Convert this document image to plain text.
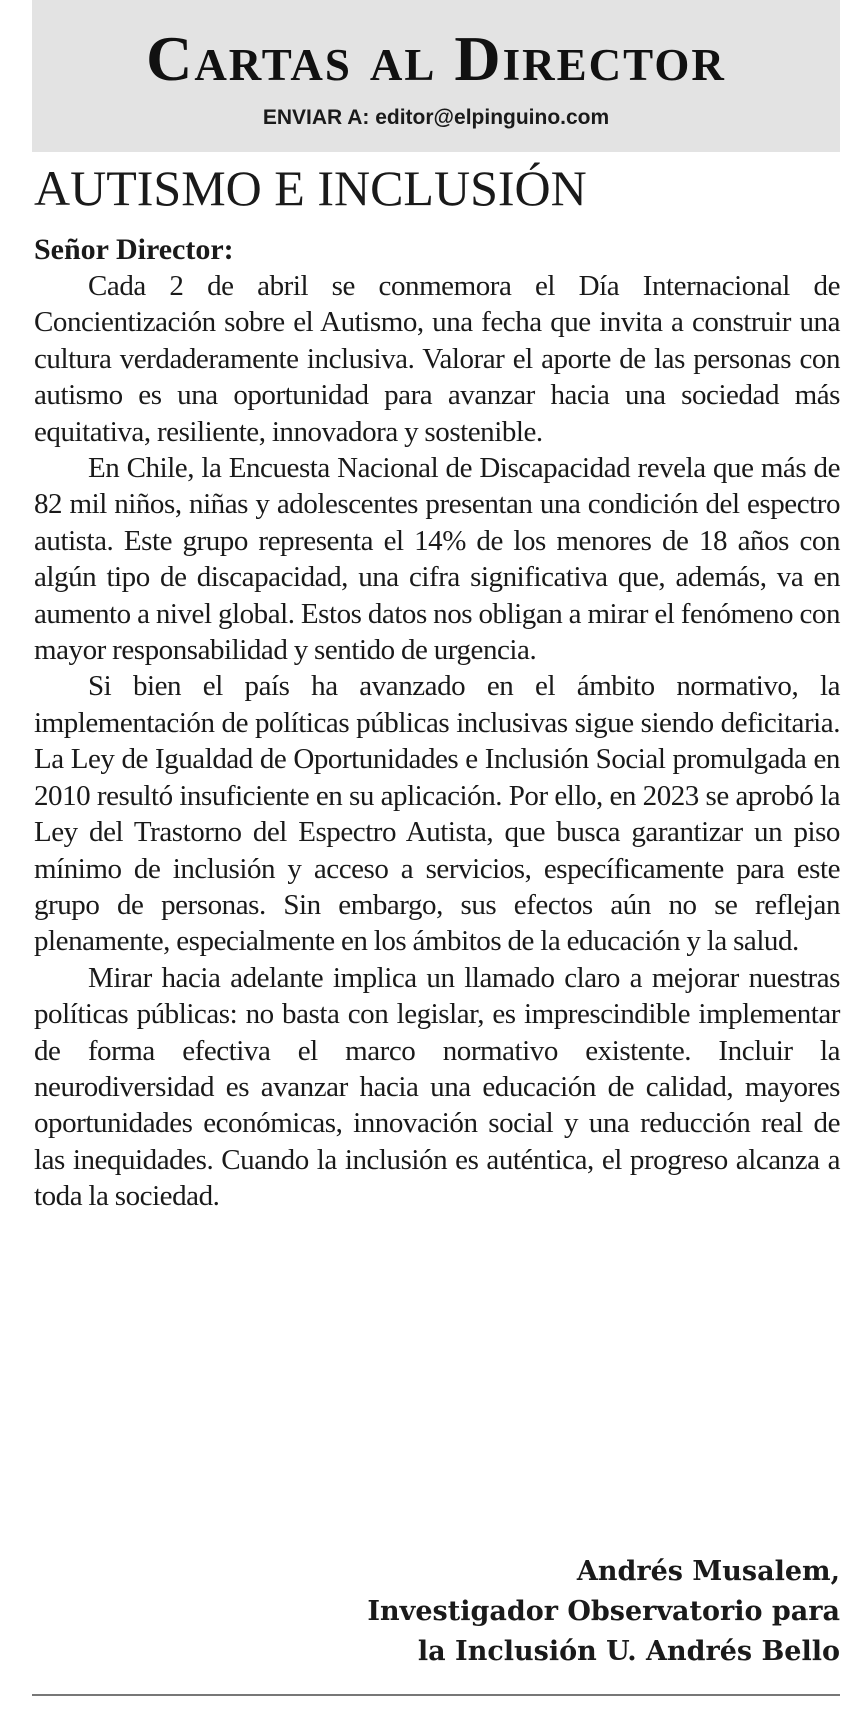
Cartas al Director
ENVIAR A: editor@elpinguino.com
AUTISMO E INCLUSIÓN

Señor Director:

Cada 2 de abril se conmemora el Día Internacional de Concientización sobre el Autismo, una fecha que invita a construir una cultura verdaderamente inclusiva. Valorar el aporte de las personas con autismo es una oportunidad para avanzar hacia una sociedad más equitativa, resiliente, innovadora y sostenible.

En Chile, la Encuesta Nacional de Discapacidad revela que más de 82 mil niños, niñas y adolescentes presentan una condición del espectro autista. Este grupo representa el 14% de los menores de 18 años con algún tipo de discapacidad, una cifra significativa que, además, va en aumento a nivel global. Estos datos nos obligan a mirar el fenómeno con mayor responsabilidad y sentido de urgencia.

Si bien el país ha avanzado en el ámbito normativo, la implementación de políticas públicas inclusivas sigue siendo deficitaria. La Ley de Igualdad de Oportunidades e Inclusión Social promulgada en 2010 resultó insuficiente en su aplicación. Por ello, en 2023 se aprobó la Ley del Trastorno del Espectro Autista, que busca garantizar un piso mínimo de inclusión y acceso a servicios, específicamente para este grupo de personas. Sin embargo, sus efectos aún no se reflejan plenamente, especialmente en los ámbitos de la educación y la salud.

Mirar hacia adelante implica un llamado claro a mejorar nuestras políticas públicas: no basta con legislar, es imprescindible implementar de forma efectiva el marco normativo existente. Incluir la neurodiversidad es avanzar hacia una educación de calidad, mayores oportunidades económicas, innovación social y una reducción real de las inequidades. Cuando la inclusión es auténtica, el progreso alcanza a toda la sociedad.

Andrés Musalem,
Investigador Observatorio para
la Inclusión U. Andrés Bello
